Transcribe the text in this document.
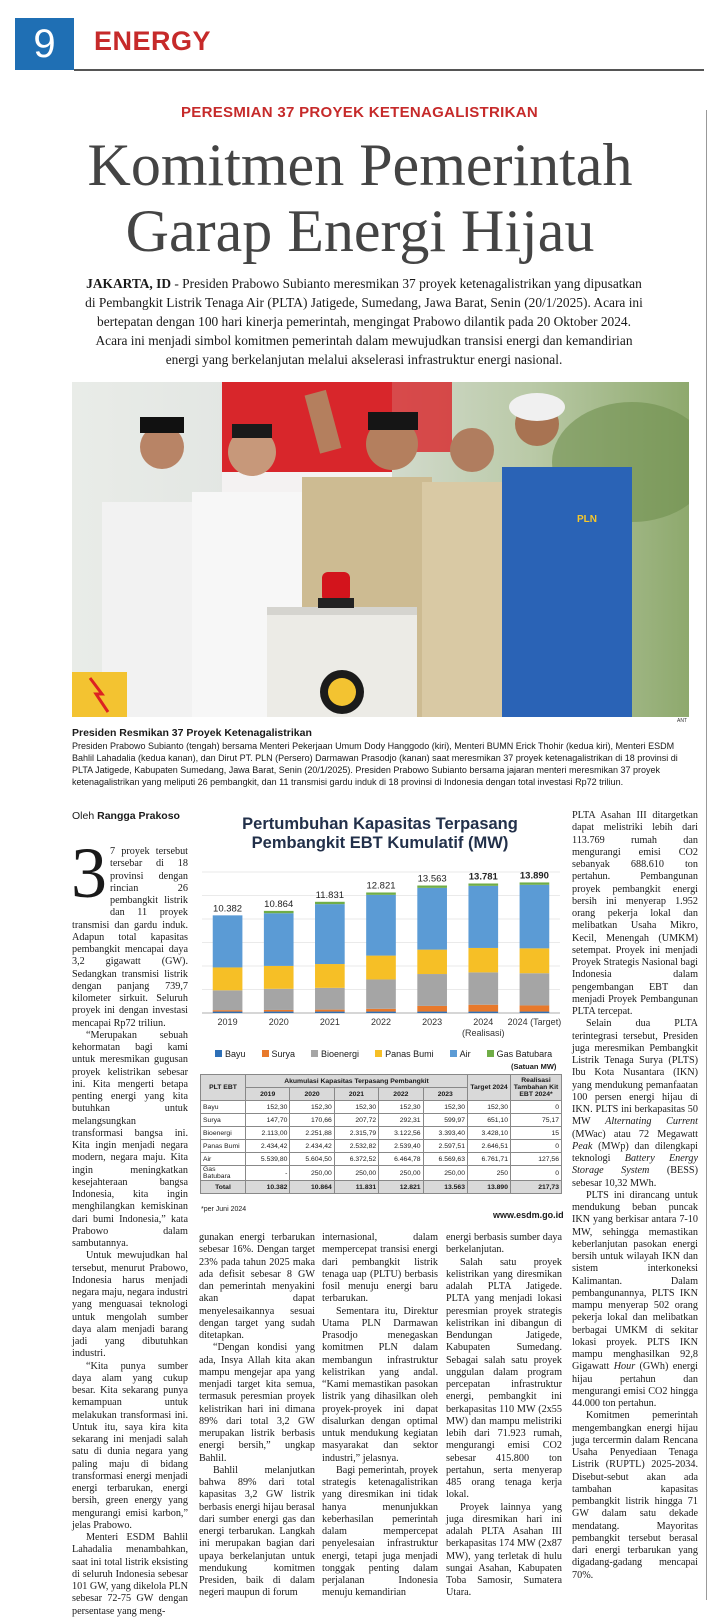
9	ENERGY
PERESMIAN 37 PROYEK KETENAGALISTRIKAN
Komitmen Pemerintah
Garap Energi Hijau
JAKARTA, ID - Presiden Prabowo Subianto meresmikan 37 proyek ketenagalistrikan yang dipusatkan di Pembangkit Listrik Tenaga Air (PLTA) Jatigede, Sumedang, Jawa Barat, Senin (20/1/2025). Acara ini bertepatan dengan 100 hari kinerja pemerintah, mengingat Prabowo dilantik pada 20 Oktober 2024. Acara ini menjadi simbol komitmen pemerintah dalam mewujudkan transisi energi dan kemandirian energi yang berkelanjutan melalui akselerasi infrastruktur energi nasional.
PLN
ANT
Presiden Resmikan 37 Proyek Ketenagalistrikan
Presiden Prabowo Subianto (tengah) bersama Menteri Pekerjaan Umum Dody Hanggodo (kiri), Menteri BUMN Erick Thohir (kedua kiri), Menteri ESDM Bahlil Lahadalia (kedua kanan), dan Dirut PT. PLN (Persero) Darmawan Prasodjo (kanan) saat meresmikan 37 proyek ketenagalistrikan di 18 provinsi di PLTA Jatigede, Kabupaten Sumedang, Jawa Barat, Senin (20/1/2025). Presiden Prabowo Subianto bersama jajaran menteri meresmikan 37 proyek ketenagalistrikan yang meliputi 26 pembangkit, dan 11 transmisi gardu induk di 18 provinsi di Indonesia dengan total investasi Rp72 triliun.
Oleh Rangga Prakoso
3 7 proyek tersebut tersebar di 18 provinsi dengan rincian 26 pembangkit listrik dan 11 proyek transmisi dan gardu induk. Adapun total kapasitas pembangkit mencapai daya 3,2 gigawatt (GW). Sedangkan transmisi listrik dengan panjang 739,7 kilometer sirkuit. Seluruh proyek ini dengan investasi mencapai Rp72 triliun.

“Merupakan sebuah kehormatan bagi kami untuk meresmikan gugusan proyek kelistrikan sebesar ini. Kita mengerti betapa penting energi yang kita butuhkan untuk melangsungkan transformasi bangsa ini. Kita ingin menjadi negara modern, negara maju. Kita ingin meningkatkan kesejahteraan bangsa Indonesia, kita ingin menghilangkan kemiskinan dari bumi Indonesia,” kata Prabowo dalam sambutannya.

Untuk mewujudkan hal tersebut, menurut Prabowo, Indonesia harus menjadi negara maju, negara industri yang menguasai teknologi untuk mengolah sumber daya alam menjadi barang jadi yang dibutuhkan industri.

“Kita punya sumber daya alam yang cukup besar. Kita sekarang punya kemampuan untuk melakukan transformasi ini. Untuk itu, saya kira kita sekarang ini menjadi salah satu di dunia negara yang paling maju di bidang transformasi energi menjadi energi terbarukan, energi bersih, green energy yang mengurangi emisi karbon,” jelas Prabowo.

Menteri ESDM Bahlil Lahadalia menambahkan, saat ini total listrik eksisting di seluruh Indonesia sebesar 101 GW, yang dikelola PLN sebesar 72-75 GW dengan persentase yang meng-

Pertumbuhan Kapasitas Terpasang Pembangkit EBT Kumulatif (MW)
10.382
2019
10.864
2020
11.831
2021
12.821
2022
13.563
2023
13.781
2024
(Realisasi)
13.890
2024 (Target)
Bayu	Surya	Bioenergi	Panas Bumi	Air	Gas Batubara
(Satuan MW)
PLT EBT	Akumulasi Kapasitas Terpasang Pembangkit					Target 2024	Realisasi Tambahan Kit EBT 2024*
	2019	2020	2021	2022	2023		
Bayu	152,30	152,30	152,30	152,30	152,30	152,30	0
Surya	147,70	170,66	207,72	292,31	599,97	651,10	75,17
Bioenergi	2.113,00	2.251,88	2.315,79	3.122,56	3.393,40	3.428,10	15
Panas Bumi	2.434,42	2.434,42	2.532,82	2.539,40	2.597,51	2.646,51	0
Air	5.539,80	5.604,50	6.372,52	6.464,78	6.569,63	6.761,71	127,56
Gas Batubara	-	250,00	250,00	250,00	250,00	250	0
Total	10.382	10.864	11.831	12.821	13.563	13.890	217,73
*per Juni 2024
www.esdm.go.id

gunakan energi terbarukan sebesar 16%. Dengan target 23% pada tahun 2025 maka ada defisit sebesar 8 GW dan pemerintah menyakini akan dapat menyelesaikannya sesuai dengan target yang sudah ditetapkan.

“Dengan kondisi yang ada, Insya Allah kita akan mampu mengejar apa yang menjadi target kita semua, termasuk peresmian proyek kelistrikan hari ini dimana 89% dari total 3,2 GW merupakan listrik berbasis energi bersih,” ungkap Bahlil.

Bahlil melanjutkan bahwa 89% dari total kapasitas 3,2 GW listrik berbasis energi hijau berasal dari sumber energi gas dan energi terbarukan. Langkah ini merupakan bagian dari upaya berkelanjutan untuk mendukung komitmen Presiden, baik di dalam negeri maupun di forum

internasional, dalam mempercepat transisi energi dari pembangkit listrik tenaga uap (PLTU) berbasis fosil menuju energi baru terbarukan.

Sementara itu, Direktur Utama PLN Darmawan Prasodjo menegaskan komitmen PLN dalam membangun infrastruktur kelistrikan yang andal. “Kami memastikan pasokan listrik yang dihasilkan oleh proyek-proyek ini dapat disalurkan dengan optimal untuk mendukung kegiatan masyarakat dan sektor industri,” jelasnya.

Bagi pemerintah, proyek strategis ketenagalistrikan yang diresmikan ini tidak hanya menunjukkan keberhasilan pemerintah dalam mempercepat penyelesaian infrastruktur energi, tetapi juga menjadi tonggak penting dalam perjalanan Indonesia menuju kemandirian

energi berbasis sumber daya berkelanjutan.

Salah satu proyek kelistrikan yang diresmikan adalah PLTA Jatigede. PLTA yang menjadi lokasi peresmian proyek strategis kelistrikan ini dibangun di Bendungan Jatigede, Kabupaten Sumedang. Sebagai salah satu proyek unggulan dalam program percepatan infrastruktur energi, pembangkit ini berkapasitas 110 MW (2x55 MW) dan mampu melistriki lebih dari 71.923 rumah, mengurangi emisi CO2 sebesar 415.800 ton pertahun, serta menyerap 485 orang tenaga kerja lokal.

Proyek lainnya yang juga diresmikan hari ini adalah PLTA Asahan III berkapasitas 174 MW (2x87 MW), yang terletak di hulu sungai Asahan, Kabupaten Toba Samosir, Sumatera Utara.

PLTA Asahan III ditargetkan dapat melistriki lebih dari 113.769 rumah dan mengurangi emisi CO2 sebanyak 688.610 ton pertahun. Pembangunan proyek pembangkit energi bersih ini menyerap 1.952 orang pekerja lokal dan melibatkan Usaha Mikro, Kecil, Menengah (UMKM) setempat. Proyek ini menjadi Proyek Strategis Nasional bagi Indonesia dalam pengembangan EBT dan menjadi Proyek Pembangunan PLTA tercepat.

Selain dua PLTA terintegrasi tersebut, Presiden juga meresmikan Pembangkit Listrik Tenaga Surya (PLTS) Ibu Kota Nusantara (IKN) yang mendukung pemanfaatan 100 persen energi hijau di IKN. PLTS ini berkapasitas 50 MW Alternating Current (MWac) atau 72 Megawatt Peak (MWp) dan dilengkapi teknologi Battery Energy Storage System (BESS) sebesar 10,32 MWh.

PLTS ini dirancang untuk mendukung beban puncak IKN yang berkisar antara 7-10 MW, sehingga memastikan keberlanjutan pasokan energi bersih untuk wilayah IKN dan sistem interkoneksi Kalimantan. Dalam pembangunannya, PLTS IKN mampu menyerap 502 orang pekerja lokal dan melibatkan berbagai UMKM di sekitar lokasi proyek. PLTS IKN mampu menghasilkan 92,8 Gigawatt Hour (GWh) energi hijau pertahun dan mengurangi emisi CO2 hingga 44.000 ton pertahun.

Komitmen pemerintah mengembangkan energi hijau juga tercermin dalam Rencana Usaha Penyediaan Tenaga Listrik (RUPTL) 2025-2034. Disebut-sebut akan ada tambahan kapasitas pembangkit listrik hingga 71 GW dalam satu dekade mendatang. Mayoritas pembangkit tersebut berasal dari energi terbarukan yang digadang-gadang mencapai 70%.
